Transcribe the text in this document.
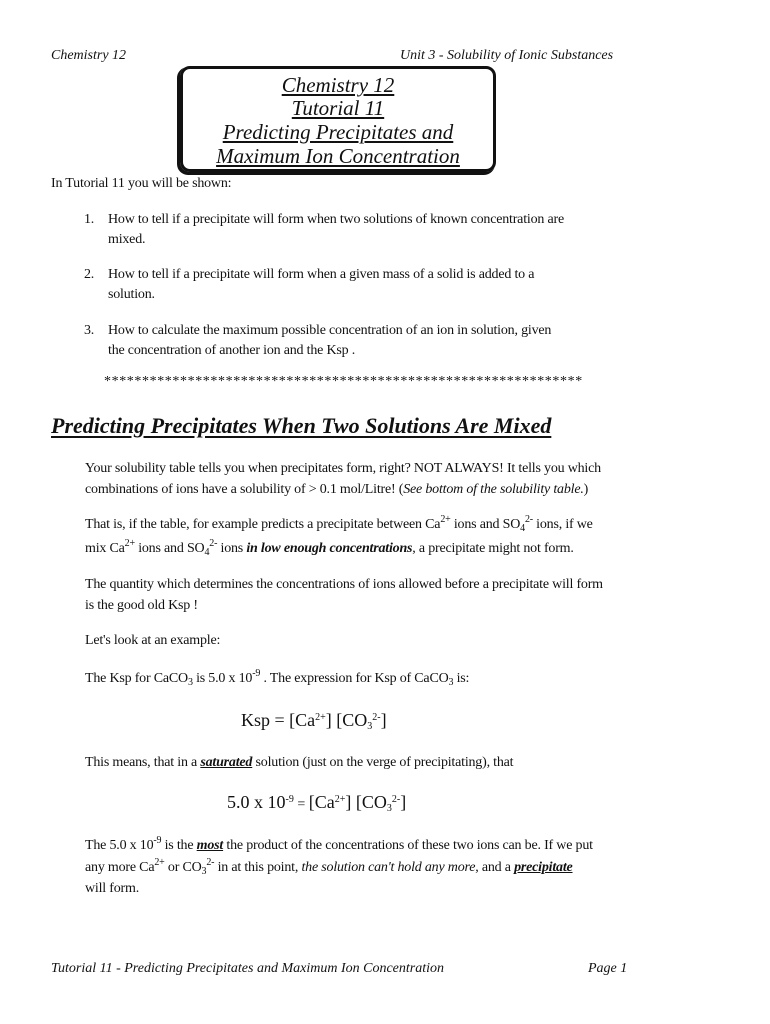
Chemistry 12	Unit 3 - Solubility of Ionic Substances
Chemistry 12
Tutorial 11
Predicting Precipitates and
Maximum Ion Concentration
In Tutorial 11 you will be shown:
1. How to tell if a precipitate will form when two solutions of known concentration are
mixed.
2. How to tell if a precipitate will form when a given mass of a solid is added to a
solution.
3. How to calculate the maximum possible concentration of an ion in solution, given
the concentration of another ion and the Ksp .
***************************************************************
Predicting Precipitates When Two Solutions Are Mixed
Your solubility table tells you when precipitates form, right? NOT ALWAYS! It tells you which
combinations of ions have a solubility of > 0.1 mol/Litre! (See bottom of the solubility table.)
That is, if the table, for example predicts a precipitate between $Ca^{2+}$ ions and $SO_4^{2-}$ ions, if we
mix $Ca^{2+}$ ions and $SO_4^{2-}$ ions in low enough concentrations, a precipitate might not form.
The quantity which determines the concentrations of ions allowed before a precipitate will form
is the good old Ksp !
Let's look at an example:
The Ksp for CaCO$_3$ is 5.0 x $10^{-9}$ . The expression for Ksp of CaCO$_3$ is:
Ksp = $[Ca^{2+}]$ $[CO_3^{2-}]$
This means, that in a saturated solution (just on the verge of precipitating), that
5.0 x $10^{-9} = [Ca^{2+}]$ $[CO_3^{2-}]$
The 5.0 x $10^{-9}$ is the most the product of the concentrations of these two ions can be. If we put
any more $Ca^{2+}$ or $CO_3^{2-}$ in at this point, the solution can't hold any more, and a precipitate
will form.
Tutorial 11 - Predicting Precipitates and Maximum Ion Concentration	Page 1
